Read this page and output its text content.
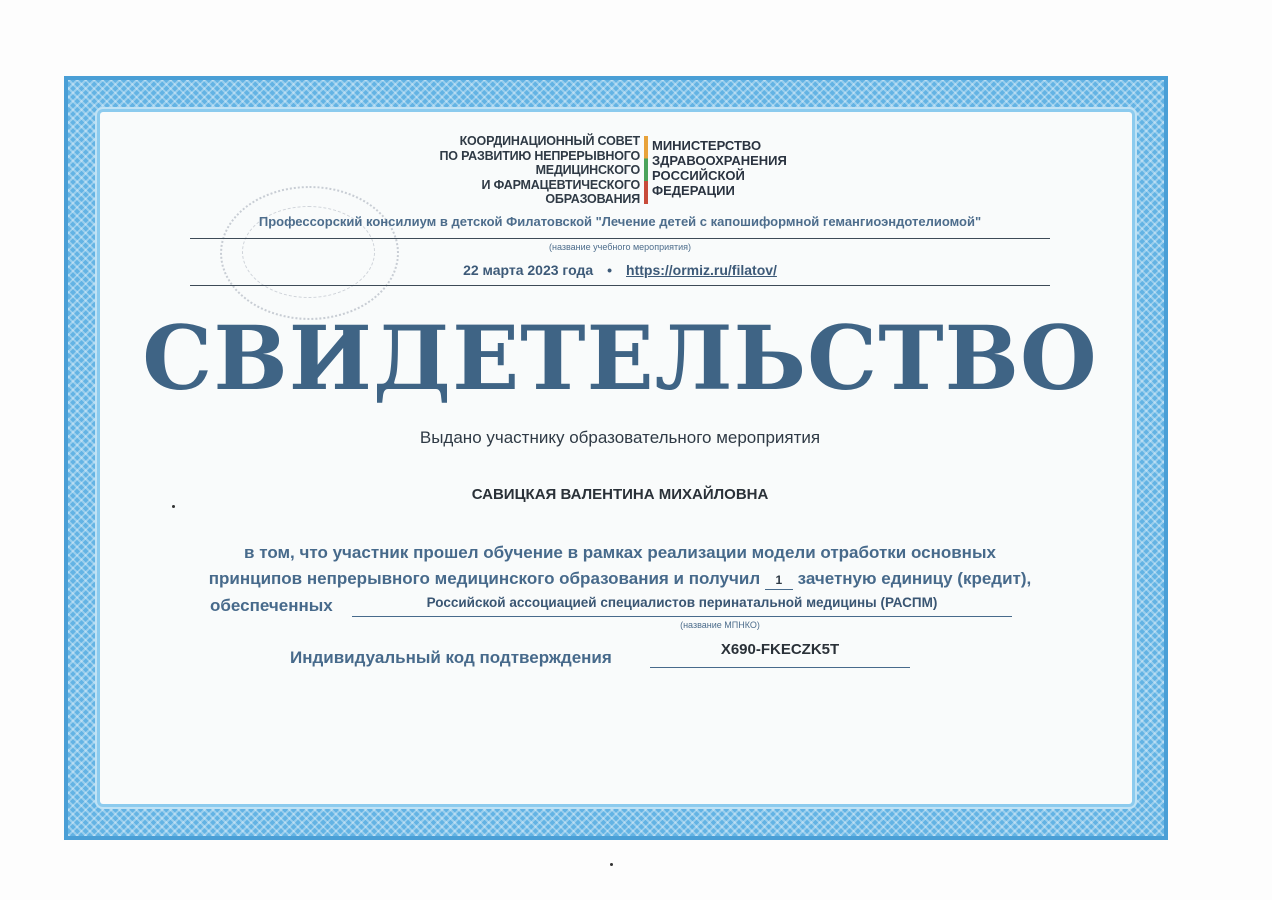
КООРДИНАЦИОННЫЙ СОВЕТ
ПО РАЗВИТИЮ НЕПРЕРЫВНОГО
МЕДИЦИНСКОГО
И ФАРМАЦЕВТИЧЕСКОГО
ОБРАЗОВАНИЯ
МИНИСТЕРСТВО
ЗДРАВООХРАНЕНИЯ
РОССИЙСКОЙ
ФЕДЕРАЦИИ
Профессорский консилиум в детской Филатовской "Лечение детей с капошиформной гемангиоэндотелиомой"
(название учебного мероприятия)
22 марта 2023 года • https://ormiz.ru/filatov/
СВИДЕТЕЛЬСТВО
Выдано участнику образовательного мероприятия
САВИЦКАЯ ВАЛЕНТИНА МИХАЙЛОВНА
в том, что участник прошел обучение в рамках реализации модели отработки основных
принципов непрерывного медицинского образования и получил 1 зачетную единицу (кредит),
обеспеченных	Российской ассоциацией специалистов перинатальной медицины (РАСПМ)
(название МПНКО)
Индивидуальный код подтверждения	X690-FKECZK5T
